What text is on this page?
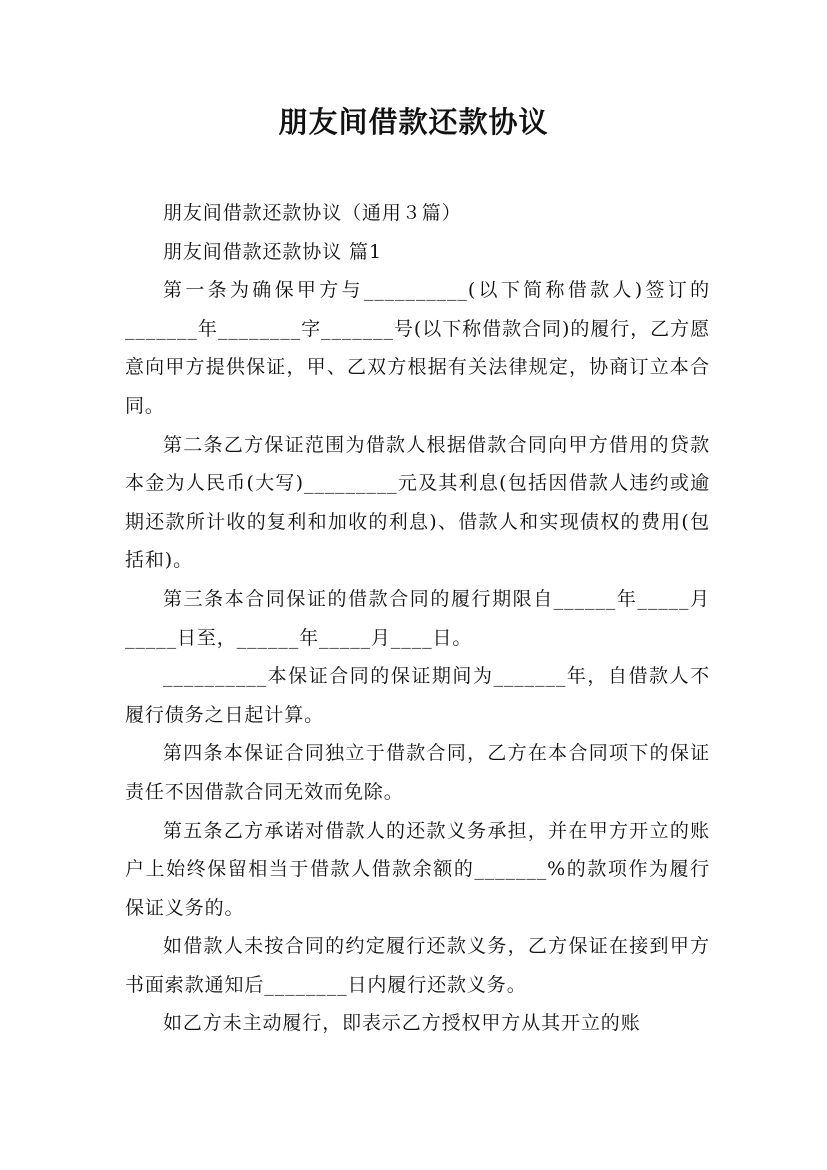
朋友间借款还款协议

朋友间借款还款协议（通用３篇）

朋友间借款还款协议 篇1

第一条为确保甲方与__________(以下简称借款人)签订的_______年________字_______号(以下称借款合同)的履行，乙方愿意向甲方提供保证，甲、乙双方根据有关法律规定，协商订立本合同。

第二条乙方保证范围为借款人根据借款合同向甲方借用的贷款本金为人民币(大写)_________元及其利息(包括因借款人违约或逾期还款所计收的复利和加收的利息)、借款人和实现债权的费用(包括和)。

第三条本合同保证的借款合同的履行期限自______年_____月_____日至，______年_____月____日。

__________本保证合同的保证期间为_______年，自借款人不履行债务之日起计算。

第四条本保证合同独立于借款合同，乙方在本合同项下的保证责任不因借款合同无效而免除。

第五条乙方承诺对借款人的还款义务承担，并在甲方开立的账户上始终保留相当于借款人借款余额的_______%的款项作为履行保证义务的。

如借款人未按合同的约定履行还款义务，乙方保证在接到甲方书面索款通知后________日内履行还款义务。

如乙方未主动履行，即表示乙方授权甲方从其开立的账
